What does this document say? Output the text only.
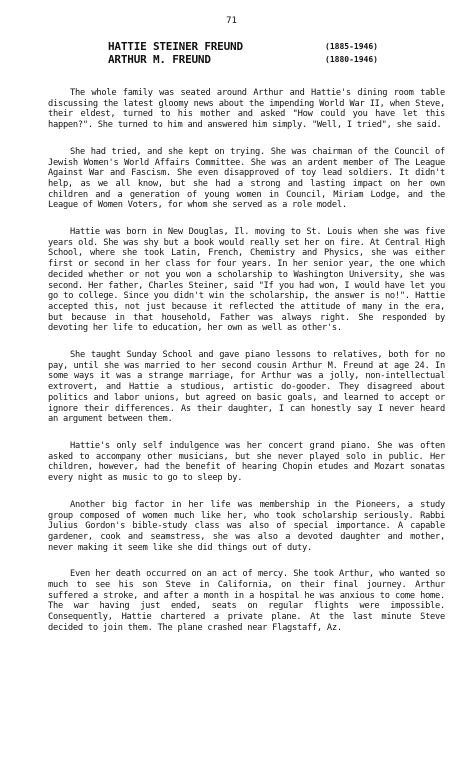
71
HATTIE STEINER FREUND	(1885-1946)
ARTHUR M. FREUND	(1880-1946)

The whole family was seated around Arthur and Hattie's dining room table discussing the latest gloomy news about the impending World War II, when Steve, their eldest, turned to his mother and asked "How could you have let this happen?". She turned to him and answered him simply. "Well, I tried", she said.

She had tried, and she kept on trying. She was chairman of the Council of Jewish Women's World Affairs Committee. She was an ardent member of The League Against War and Fascism. She even disapproved of toy lead soldiers. It didn't help, as we all know, but she had a strong and lasting impact on her own children and a generation of young women in Council, Miriam Lodge, and the League of Women Voters, for whom she served as a role model.

Hattie was born in New Douglas, Il. moving to St. Louis when she was five years old. She was shy but a book would really set her on fire. At Central High School, where she took Latin, French, Chemistry and Physics, she was either first or second in her class for four years. In her senior year, the one which decided whether or not you won a scholarship to Washington University, she was second. Her father, Charles Steiner, said "If you had won, I would have let you go to college. Since you didn't win the scholarship, the answer is no!". Hattie accepted this, not just because it reflected the attitude of many in the era, but because in that household, Father was always right. She responded by devoting her life to education, her own as well as other's.

She taught Sunday School and gave piano lessons to relatives, both for no pay, until she was married to her second cousin Arthur M. Freund at age 24. In some ways it was a strange marriage, for Arthur was a jolly, non-intellectual extrovert, and Hattie a studious, artistic do-gooder. They disagreed about politics and labor unions, but agreed on basic goals, and learned to accept or ignore their differences. As their daughter, I can honestly say I never heard an argument between them.

Hattie's only self indulgence was her concert grand piano. She was often asked to accompany other musicians, but she never played solo in public. Her children, however, had the benefit of hearing Chopin etudes and Mozart sonatas every night as music to go to sleep by.

Another big factor in her life was membership in the Pioneers, a study group composed of women much like her, who took scholarship seriously. Rabbi Julius Gordon's bible-study class was also of special importance. A capable gardener, cook and seamstress, she was also a devoted daughter and mother, never making it seem like she did things out of duty.

Even her death occurred on an act of mercy. She took Arthur, who wanted so much to see his son Steve in California, on their final journey. Arthur suffered a stroke, and after a month in a hospital he was anxious to come home. The war having just ended, seats on regular flights were impossible. Consequently, Hattie chartered a private plane. At the last minute Steve decided to join them. The plane crashed near Flagstaff, Az.
